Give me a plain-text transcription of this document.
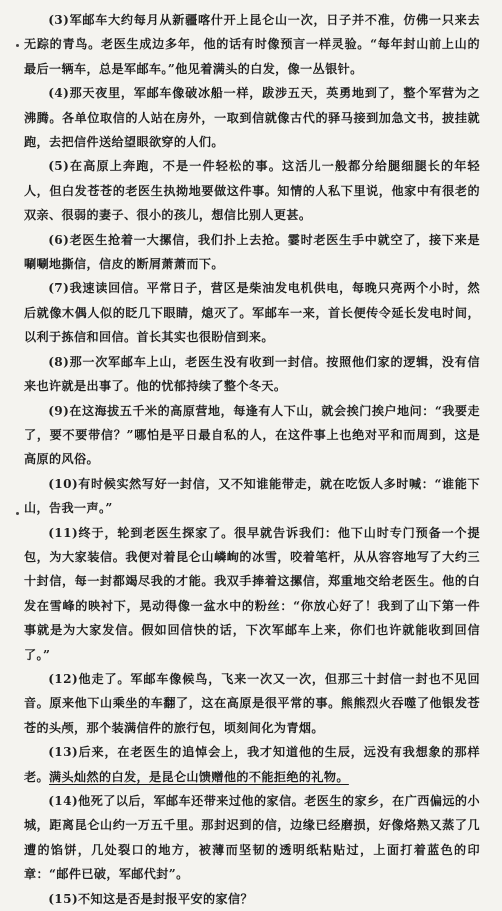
(3)军邮车大约每月从新疆喀什开上昆仑山一次，日子并不准，仿佛一只来去无踪的青鸟。老医生成边多年，他的话有时像预言一样灵验。“每年封山前上山的最后一辆车，总是军邮车。”他见着满头的白发，像一丛银针。

(4)那天夜里，军邮车像破冰船一样，跋涉五天，英勇地到了，整个军营为之沸腾。各单位取信的人站在房外，一取到信就像古代的驿马接到加急文书，披挂就跑，去把信件送给望眼欲穿的人们。

(5)在高原上奔跑，不是一件轻松的事。这活儿一般都分给腿细腿长的年轻人，但白发苍苍的老医生执拗地要做这件事。知情的人私下里说，他家中有很老的双亲、很弱的妻子、很小的孩儿，想信比别人更甚。

(6)老医生抢着一大摞信，我们扑上去抢。霎时老医生手中就空了，接下来是唰唰地撕信，信皮的断屑萧萧而下。

(7)我速读回信。平常日子，营区是柴油发电机供电，每晚只亮两个小时，然后就像木偶人似的眨几下眼睛，熄灭了。军邮车一来，首长便传令延长发电时间，以利于拣信和回信。首长其实也很盼信到来。

(8)那一次军邮车上山，老医生没有收到一封信。按照他们家的逻辑，没有信来也许就是出事了。他的忧郁持续了整个冬天。

(9)在这海拔五千米的高原营地，每逢有人下山，就会挨门挨户地问：“我要走了，要不要带信？”哪怕是平日最自私的人，在这件事上也绝对平和而周到，这是高原的风俗。

(10)有时候实然写好一封信，又不知谁能带走，就在吃饭人多时喊：“谁能下山，告我一声。”

(11)终于，轮到老医生探家了。很早就告诉我们：他下山时专门预备一个提包，为大家装信。我便对着昆仑山嶙峋的冰雪，咬着笔杆，从从容容地写了大约三十封信，每一封都竭尽我的才能。我双手捧着这摞信，郑重地交给老医生。他的白发在雪峰的映衬下，晃动得像一盆水中的粉丝：“你放心好了！我到了山下第一件事就是为大家发信。假如回信快的话，下次军邮车上来，你们也许就能收到回信了。”

(12)他走了。军邮车像候鸟，飞来一次又一次，但那三十封信一封也不见回音。原来他下山乘坐的车翻了，这在高原是很平常的事。熊熊烈火吞噬了他银发苍苍的头颅，那个装满信件的旅行包，顷刻间化为青烟。

(13)后来，在老医生的追悼会上，我才知道他的生辰，远没有我想象的那样老。满头灿然的白发，是昆仑山馈赠他的不能拒绝的礼物。

(14)他死了以后，军邮车还带来过他的家信。老医生的家乡，在广西偏远的小城，距离昆仑山约一万五千里。那封迟到的信，边缘已经磨损，好像烙熟又蒸了几遭的馅饼，几处裂口的地方，被薄而坚韧的透明纸粘贴过，上面打着蓝色的印章：“邮件已破，军邮代封”。

(15)不知这是否是封报平安的家信？
